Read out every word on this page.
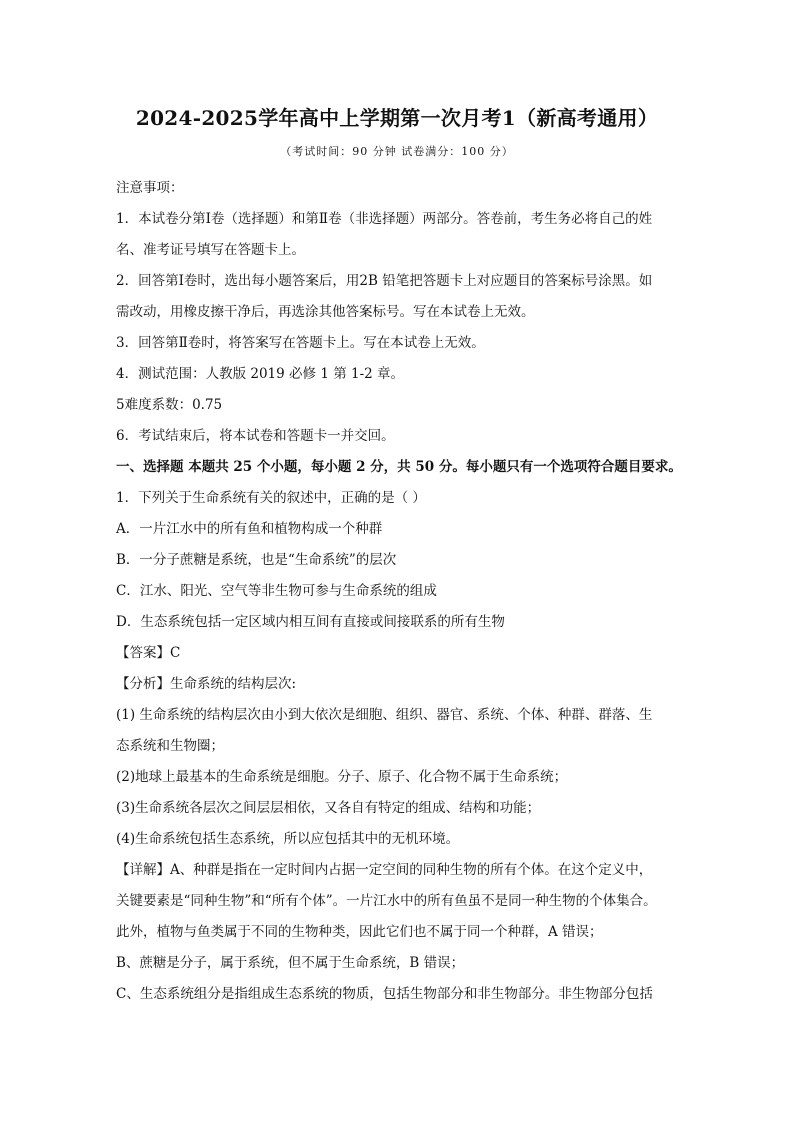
2024-2025学年高中上学期第一次月考1（新高考通用）
（考试时间：90 分钟 试卷满分：100 分）
注意事项：
1．本试卷分第Ⅰ卷（选择题）和第Ⅱ卷（非选择题）两部分。答卷前，考生务必将自己的姓
名、准考证号填写在答题卡上。
2．回答第Ⅰ卷时，选出每小题答案后，用2B 铅笔把答题卡上对应题目的答案标号涂黑。如
需改动，用橡皮擦干净后，再选涂其他答案标号。写在本试卷上无效。
3．回答第Ⅱ卷时，将答案写在答题卡上。写在本试卷上无效。
4．测试范围：人教版 2019 必修 1 第 1-2 章。
5难度系数：0.75
6．考试结束后，将本试卷和答题卡一并交回。
一、选择题 本题共 25 个小题，每小题 2 分，共 50 分。每小题只有一个选项符合题目要求。
1．下列关于生命系统有关的叙述中，正确的是（ ）
A．一片江水中的所有鱼和植物构成一个种群
B．一分子蔗糖是系统，也是“生命系统”的层次
C．江水、阳光、空气等非生物可参与生命系统的组成
D．生态系统包括一定区域内相互间有直接或间接联系的所有生物
【答案】C
【分析】生命系统的结构层次:
(1) 生命系统的结构层次由小到大依次是细胞、组织、器官、系统、个体、种群、群落、生
态系统和生物圈；
(2)地球上最基本的生命系统是细胞。分子、原子、化合物不属于生命系统；
(3)生命系统各层次之间层层相依，又各自有特定的组成、结构和功能；
(4)生命系统包括生态系统，所以应包括其中的无机环境。
【详解】A、种群是指在一定时间内占据一定空间的同种生物的所有个体。在这个定义中，
关键要素是“同种生物”和“所有个体”。一片江水中的所有鱼虽不是同一种生物的个体集合。
此外，植物与鱼类属于不同的生物种类，因此它们也不属于同一个种群，A 错误；
B、蔗糖是分子，属于系统，但不属于生命系统，B 错误；
C、生态系统组分是指组成生态系统的物质，包括生物部分和非生物部分。非生物部分包括
